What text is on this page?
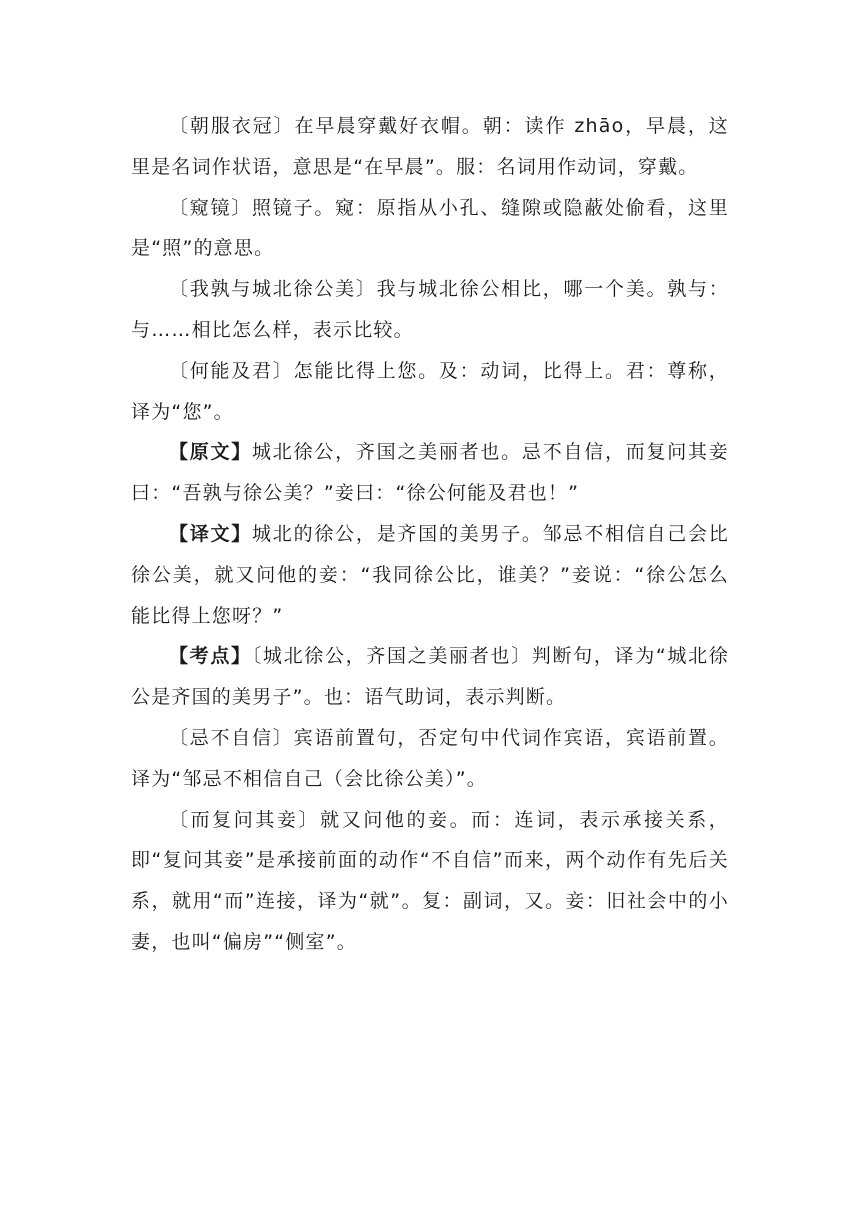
〔朝服衣冠〕在早晨穿戴好衣帽。朝：读作 zhāo，早晨，这里是名词作状语，意思是“在早晨”。服：名词用作动词，穿戴。

〔窥镜〕照镜子。窥：原指从小孔、缝隙或隐蔽处偷看，这里是“照”的意思。

〔我孰与城北徐公美〕我与城北徐公相比，哪一个美。孰与：与……相比怎么样，表示比较。

〔何能及君〕怎能比得上您。及：动词，比得上。君：尊称，译为“您”。

【原文】城北徐公，齐国之美丽者也。忌不自信，而复问其妾曰：“吾孰与徐公美？”妾曰：“徐公何能及君也！”

【译文】城北的徐公，是齐国的美男子。邹忌不相信自己会比徐公美，就又问他的妾：“我同徐公比，谁美？”妾说：“徐公怎么能比得上您呀？”

【考点】〔城北徐公，齐国之美丽者也〕判断句，译为“城北徐公是齐国的美男子”。也：语气助词，表示判断。

〔忌不自信〕宾语前置句，否定句中代词作宾语，宾语前置。译为“邹忌不相信自己（会比徐公美）”。

〔而复问其妾〕就又问他的妾。而：连词，表示承接关系，即“复问其妾”是承接前面的动作“不自信”而来，两个动作有先后关系，就用“而”连接，译为“就”。复：副词，又。妾：旧社会中的小妻，也叫“偏房”“侧室”。
